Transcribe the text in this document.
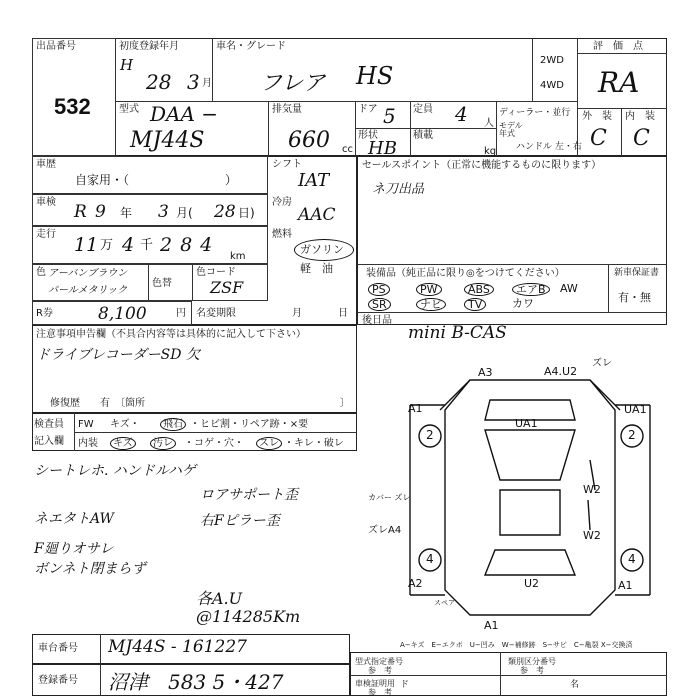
出品番号
532
初度登録年月
H
28 3 月
車名・グレード
フレア HS
2WD
4WD
評　価　点
RA
外　装 内　装
C C
型式 DAA −
MJ44S
排気量
660 cc
ドア 5 定員 4 人
ディーラー・並行
モデル
年式
ハンドル 左・右
形状
HB
積載
kg
車歴
自家用・（　　　　　　　　）
シフト
IAT
車検 R 9 年 3 月( 28 日)
冷房
AAC
走行 11 万 4 千 284
km
燃料
ガソリン
軽　油
色 アーバンブラウン
パールメタリック
色替
色コード
ZSF
R券	8,100	円 名変期限	月	日
セールスポイント（正常に機能するものに限ります）
ネ刀出品
装備品（純正品に限り◎をつけてください）	新車保証書
有・無
PS	PW	ABS	エアB	AW
SR	ナビ	TV	カワ
後日品
mini B-CAS
注意事項申告欄（不具合内容等は具体的に記入して下さい）
ドライブレコーダーSD 欠
修復歴　　有　〔箇所	〕
検査員
記入欄
FW キズ・	飛石 ・ヒビ割・リペア跡・×要
内装	キズ	汚レ	・コゲ・穴・	スレ ・キレ・破レ
シートレホ. ハンドルハゲ
ロアサポート歪
ネエタトAW	右Fピラー歪
F廻りオサレ
ボンネト閉まらず
各A.U
@114285Km
A3	A4.U2
ズレ
A1
UA1
UA1
2	2
W2
W2
カバー ズレ
ズレA4
4	4
U2
A2	A1
A1
スペア
車台番号 MJ44S - 161227
登録番号 沼津　583 5・427
A−キズ　E−エクボ　U−凹み　W−補修跡　S−サビ　C−亀裂 X−交換済
型式指定番号
参　考
類別区分番号
参　考
車検証明用
参　考
ド	名
